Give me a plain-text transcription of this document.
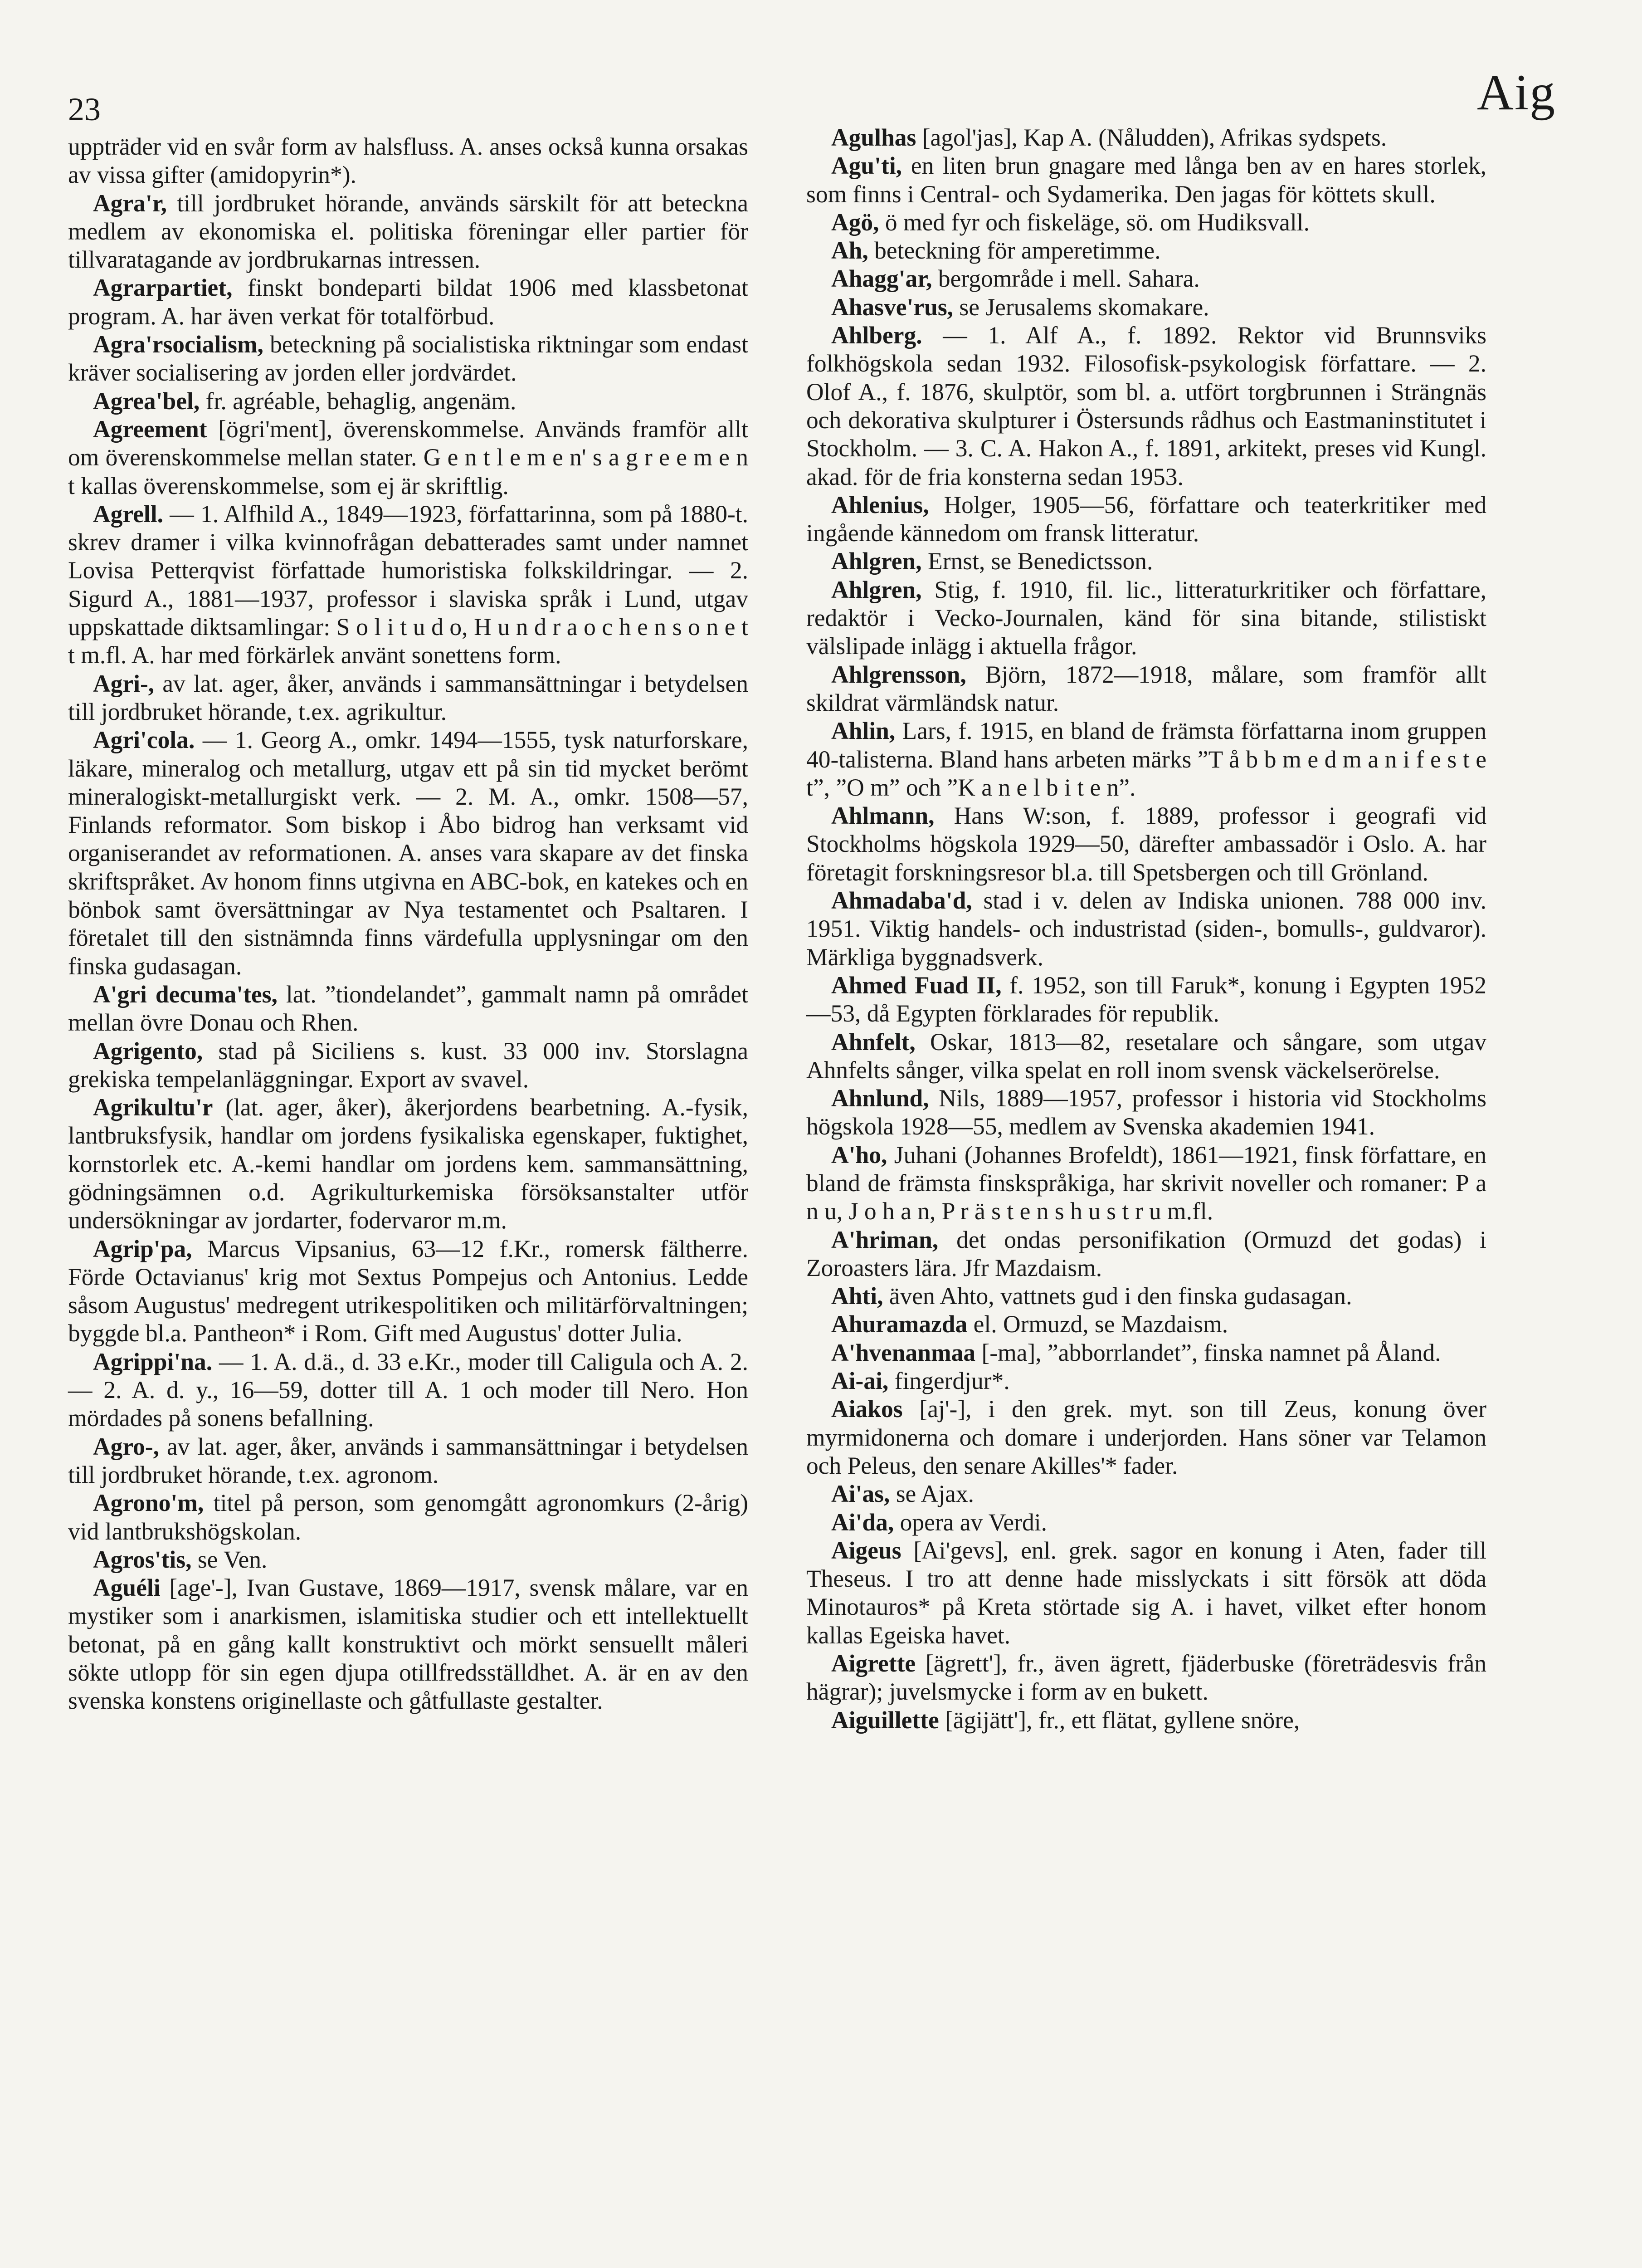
23	Aig

uppträder vid en svår form av halsfluss. A. anses också kunna orsakas av vissa gifter (amidopyrin*).

Agra'r, till jordbruket hörande, används särskilt för att beteckna medlem av ekonomiska el. politiska föreningar eller partier för tillvaratagande av jordbrukarnas intressen.

Agrarpartiet, finskt bondeparti bildat 1906 med klassbetonat program. A. har även verkat för totalförbud.

Agra'rsocialism, beteckning på socialistiska riktningar som endast kräver socialisering av jorden eller jordvärdet.

Agrea'bel, fr. agréable, behaglig, angenäm.

Agreement [ögri'ment], överenskommelse. Används framför allt om överenskommelse mellan stater. G e n t l e m e n' s a g r e e m e n t kallas överenskommelse, som ej är skriftlig.

Agrell. — 1. Alfhild A., 1849—1923, författarinna, som på 1880-t. skrev dramer i vilka kvinnofrågan debatterades samt under namnet Lovisa Petterqvist författade humoristiska folkskildringar. — 2. Sigurd A., 1881—1937, professor i slaviska språk i Lund, utgav uppskattade diktsamlingar: S o l i t u d o, H u n d r a o c h e n s o n e t t m.fl. A. har med förkärlek använt sonettens form.

Agri-, av lat. ager, åker, används i sammansättningar i betydelsen till jordbruket hörande, t.ex. agrikultur.

Agri'cola. — 1. Georg A., omkr. 1494—1555, tysk naturforskare, läkare, mineralog och metallurg, utgav ett på sin tid mycket berömt mineralogiskt-metallurgiskt verk. — 2. M. A., omkr. 1508—57, Finlands reformator. Som biskop i Åbo bidrog han verksamt vid organiserandet av reformationen. A. anses vara skapare av det finska skriftspråket. Av honom finns utgivna en ABC-bok, en katekes och en bönbok samt översättningar av Nya testamentet och Psaltaren. I företalet till den sistnämnda finns värdefulla upplysningar om den finska gudasagan.

A'gri decuma'tes, lat. ”tiondelandet”, gammalt namn på området mellan övre Donau och Rhen.

Agrigento, stad på Siciliens s. kust. 33 000 inv. Storslagna grekiska tempelanläggningar. Export av svavel.

Agrikultu'r (lat. ager, åker), åkerjordens bearbetning. A.-fysik, lantbruksfysik, handlar om jordens fysikaliska egenskaper, fuktighet, kornstorlek etc. A.-kemi handlar om jordens kem. sammansättning, gödningsämnen o.d. Agrikulturkemiska försöksanstalter utför undersökningar av jordarter, fodervaror m.m.

Agrip'pa, Marcus Vipsanius, 63—12 f.Kr., romersk fältherre. Förde Octavianus' krig mot Sextus Pompejus och Antonius. Ledde såsom Augustus' medregent utrikespolitiken och militärförvaltningen; byggde bl.a. Pantheon* i Rom. Gift med Augustus' dotter Julia.

Agrippi'na. — 1. A. d.ä., d. 33 e.Kr., moder till Caligula och A. 2. — 2. A. d. y., 16—59, dotter till A. 1 och moder till Nero. Hon mördades på sonens befallning.

Agro-, av lat. ager, åker, används i sammansättningar i betydelsen till jordbruket hörande, t.ex. agronom.

Agrono'm, titel på person, som genomgått agronomkurs (2-årig) vid lantbrukshögskolan.

Agros'tis, se Ven.

Aguéli [age'-], Ivan Gustave, 1869—1917, svensk målare, var en mystiker som i anarkismen, islamitiska studier och ett intellektuellt betonat, på en gång kallt konstruktivt och mörkt sensuellt måleri sökte utlopp för sin egen djupa otillfredsställdhet. A. är en av den svenska konstens originellaste och gåtfullaste gestalter.

Agulhas [agol'jas], Kap A. (Nåludden), Afrikas sydspets.

Agu'ti, en liten brun gnagare med långa ben av en hares storlek, som finns i Central- och Sydamerika. Den jagas för köttets skull.

Agö, ö med fyr och fiskeläge, sö. om Hudiksvall.

Ah, beteckning för amperetimme.

Ahagg'ar, bergområde i mell. Sahara.

Ahasve'rus, se Jerusalems skomakare.

Ahlberg. — 1. Alf A., f. 1892. Rektor vid Brunnsviks folkhögskola sedan 1932. Filosofisk-psykologisk författare. — 2. Olof A., f. 1876, skulptör, som bl. a. utfört torgbrunnen i Strängnäs och dekorativa skulpturer i Östersunds rådhus och Eastmaninstitutet i Stockholm. — 3. C. A. Hakon A., f. 1891, arkitekt, preses vid Kungl. akad. för de fria konsterna sedan 1953.

Ahlenius, Holger, 1905—56, författare och teaterkritiker med ingående kännedom om fransk litteratur.

Ahlgren, Ernst, se Benedictsson.

Ahlgren, Stig, f. 1910, fil. lic., litteraturkritiker och författare, redaktör i Vecko-Journalen, känd för sina bitande, stilistiskt välslipade inlägg i aktuella frågor.

Ahlgrensson, Björn, 1872—1918, målare, som framför allt skildrat värmländsk natur.

Ahlin, Lars, f. 1915, en bland de främsta författarna inom gruppen 40-talisterna. Bland hans arbeten märks ”T å b b m e d m a n i f e s t e t”, ”O m” och ”K a n e l b i t e n”.

Ahlmann, Hans W:son, f. 1889, professor i geografi vid Stockholms högskola 1929—50, därefter ambassadör i Oslo. A. har företagit forskningsresor bl.a. till Spetsbergen och till Grönland.

Ahmadaba'd, stad i v. delen av Indiska unionen. 788 000 inv. 1951. Viktig handels- och industristad (siden-, bomulls-, guldvaror). Märkliga byggnadsverk.

Ahmed Fuad II, f. 1952, son till Faruk*, konung i Egypten 1952—53, då Egypten förklarades för republik.

Ahnfelt, Oskar, 1813—82, resetalare och sångare, som utgav Ahnfelts sånger, vilka spelat en roll inom svensk väckelserörelse.

Ahnlund, Nils, 1889—1957, professor i historia vid Stockholms högskola 1928—55, medlem av Svenska akademien 1941.

A'ho, Juhani (Johannes Brofeldt), 1861—1921, finsk författare, en bland de främsta finskspråkiga, har skrivit noveller och romaner: P a n u, J o h a n, P r ä s t e n s h u s t r u m.fl.

A'hriman, det ondas personifikation (Ormuzd det godas) i Zoroasters lära. Jfr Mazdaism.

Ahti, även Ahto, vattnets gud i den finska gudasagan.

Ahuramazda el. Ormuzd, se Mazdaism.

A'hvenanmaa [-ma], ”abborrlandet”, finska namnet på Åland.

Ai-ai, fingerdjur*.

Aiakos [aj'-], i den grek. myt. son till Zeus, konung över myrmidonerna och domare i underjorden. Hans söner var Telamon och Peleus, den senare Akilles'* fader.

Ai'as, se Ajax.

Ai'da, opera av Verdi.

Aigeus [Ai'gevs], enl. grek. sagor en konung i Aten, fader till Theseus. I tro att denne hade misslyckats i sitt försök att döda Minotauros* på Kreta störtade sig A. i havet, vilket efter honom kallas Egeiska havet.

Aigrette [ägrett'], fr., även ägrett, fjäderbuske (företrädesvis från hägrar); juvelsmycke i form av en bukett.

Aiguillette [ägijätt'], fr., ett flätat, gyllene snöre,
